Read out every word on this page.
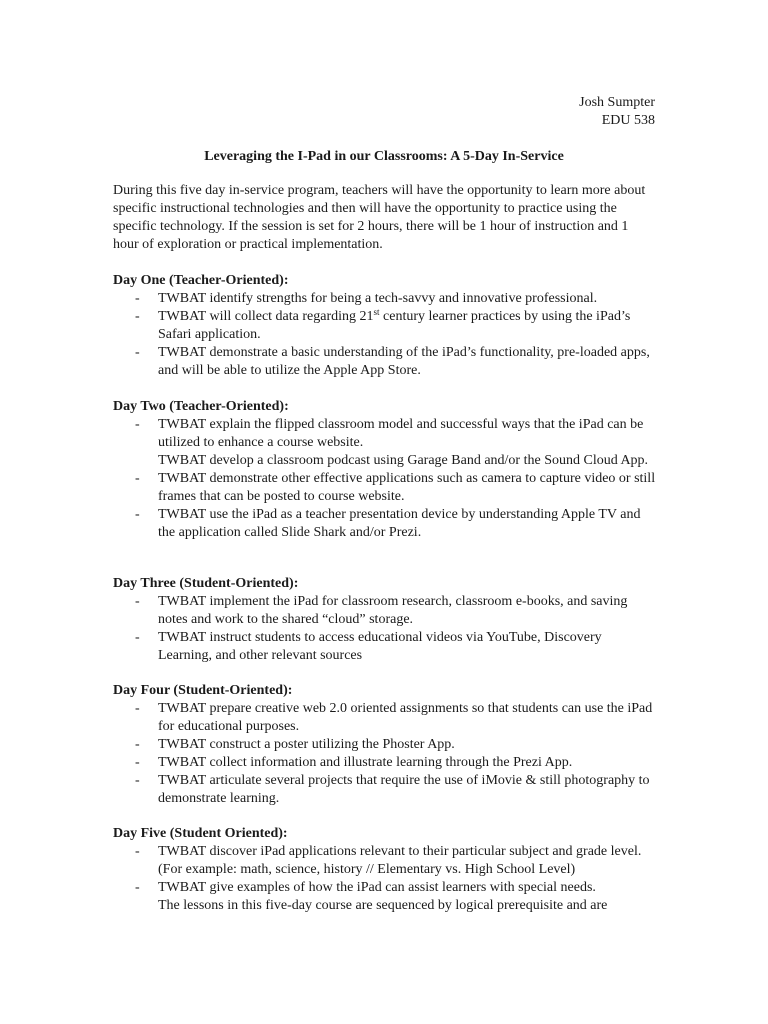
Josh Sumpter
EDU 538
Leveraging the I-Pad in our Classrooms: A 5-Day In-Service
During this five day in-service program, teachers will have the opportunity to learn more about specific instructional technologies and then will have the opportunity to practice using the specific technology. If the session is set for 2 hours, there will be 1 hour of instruction and 1 hour of exploration or practical implementation.

Day One (Teacher-Oriented):

- TWBAT identify strengths for being a tech-savvy and innovative professional.
- TWBAT will collect data regarding 21st century learner practices by using the iPad’s Safari application.
- TWBAT demonstrate a basic understanding of the iPad’s functionality, pre-loaded apps, and will be able to utilize the Apple App Store.

Day Two (Teacher-Oriented):

- TWBAT explain the flipped classroom model and successful ways that the iPad can be utilized to enhance a course website.
TWBAT develop a classroom podcast using Garage Band and/or the Sound Cloud App.
- TWBAT demonstrate other effective applications such as camera to capture video or still frames that can be posted to course website.
- TWBAT use the iPad as a teacher presentation device by understanding Apple TV and the application called Slide Shark and/or Prezi.

Day Three (Student-Oriented):

- TWBAT implement the iPad for classroom research, classroom e-books, and saving notes and work to the shared “cloud” storage.
- TWBAT instruct students to access educational videos via YouTube, Discovery Learning, and other relevant sources

Day Four (Student-Oriented):

- TWBAT prepare creative web 2.0 oriented assignments so that students can use the iPad for educational purposes.
- TWBAT construct a poster utilizing the Phoster App.
- TWBAT collect information and illustrate learning through the Prezi App.
- TWBAT articulate several projects that require the use of iMovie & still photography to demonstrate learning.

Day Five (Student Oriented):

- TWBAT discover iPad applications relevant to their particular subject and grade level. (For example: math, science, history // Elementary vs. High School Level)
- TWBAT give examples of how the iPad can assist learners with special needs.
The lessons in this five-day course are sequenced by logical prerequisite and are
